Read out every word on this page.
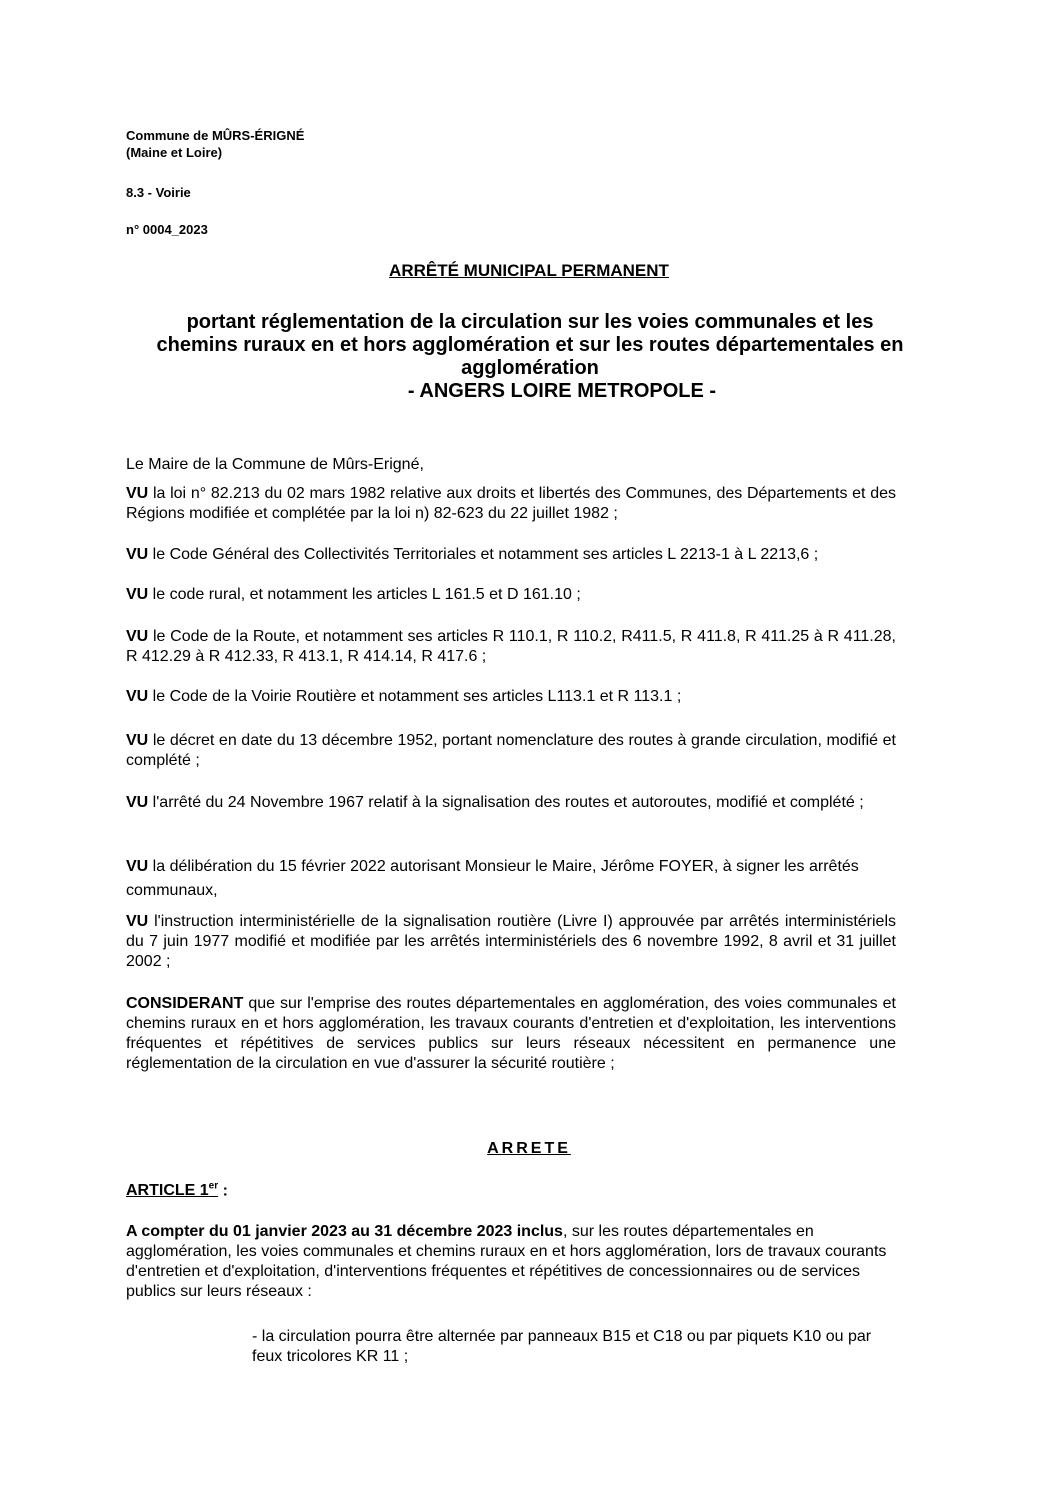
Commune de MÛRS-ÉRIGNÉ
(Maine et Loire)
8.3 - Voirie
n° 0004_2023
ARRÊTÉ MUNICIPAL PERMANENT
portant réglementation de la circulation sur les voies communales et les
chemins ruraux en et hors agglomération et sur les routes départementales en
agglomération
- ANGERS LOIRE METROPOLE -
Le Maire de la Commune de Mûrs-Erigné,
VU la loi n° 82.213 du 02 mars 1982 relative aux droits et libertés des Communes, des Départements et des Régions modifiée et complétée par la loi n) 82-623 du 22 juillet 1982 ;
VU le Code Général des Collectivités Territoriales et notamment ses articles L 2213-1 à L 2213,6 ;
VU le code rural, et notamment les articles L 161.5 et D 161.10 ;
VU le Code de la Route, et notamment ses articles R 110.1, R 110.2, R411.5, R 411.8, R 411.25 à R 411.28, R 412.29 à R 412.33, R 413.1, R 414.14, R 417.6 ;
VU le Code de la Voirie Routière et notamment ses articles L113.1 et R 113.1 ;
VU le décret en date du 13 décembre 1952, portant nomenclature des routes à grande circulation, modifié et complété ;
VU l'arrêté du 24 Novembre 1967 relatif à la signalisation des routes et autoroutes, modifié et complété ;
VU la délibération du 15 février 2022 autorisant Monsieur le Maire, Jérôme FOYER, à signer les arrêtés communaux,
VU l'instruction interministérielle de la signalisation routière (Livre I) approuvée par arrêtés interministériels du 7 juin 1977 modifié et modifiée par les arrêtés interministériels des 6 novembre 1992, 8 avril et 31 juillet 2002 ;
CONSIDERANT que sur l'emprise des routes départementales en agglomération, des voies communales et chemins ruraux en et hors agglomération, les travaux courants d'entretien et d'exploitation, les interventions fréquentes et répétitives de services publics sur leurs réseaux nécessitent en permanence une réglementation de la circulation en vue d'assurer la sécurité routière ;
ARRETE
ARTICLE 1er :
A compter du 01 janvier 2023 au 31 décembre 2023 inclus, sur les routes départementales en agglomération, les voies communales et chemins ruraux en et hors agglomération, lors de travaux courants d'entretien et d'exploitation, d'interventions fréquentes et répétitives de concessionnaires ou de services publics sur leurs réseaux :
- la circulation pourra être alternée par panneaux B15 et C18 ou par piquets K10 ou par feux tricolores KR 11 ;
